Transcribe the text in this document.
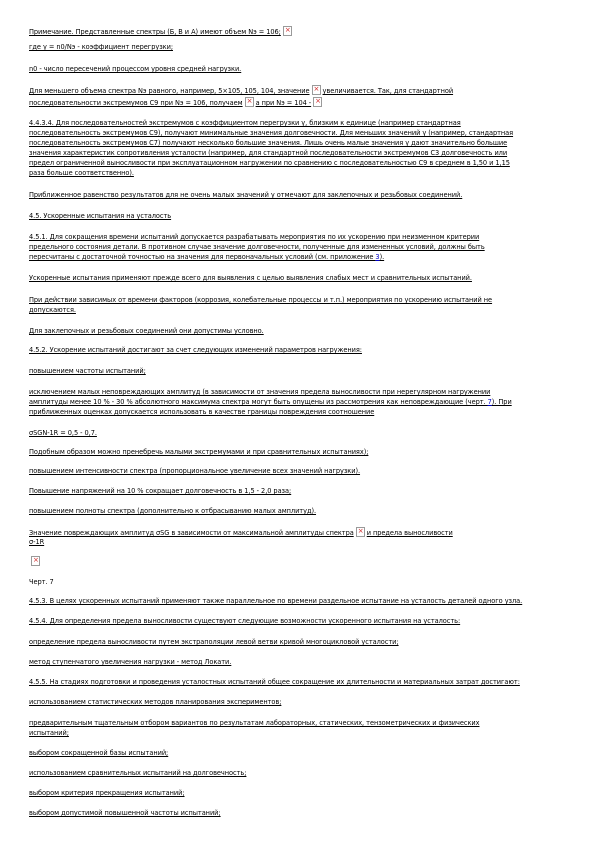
Примечание. Представленные спектры (Б, В и А) имеют объем Nэ = 106;×
где γ = n0/Nэ - коэффициент перегрузки;
n0 - число пересечений процессом уровня средней нагрузки.
Для меньшего объема спектра Nэ равного, например, 5×105, 105, 104, значение × увеличивается. Так, для стандартной
последовательности экстремумов С9 при Nэ = 106, получаем × а при Nэ = 104 -×
4.4.3.4. Для последовательностей экстремумов с коэффициентом перегрузки γ, близким к единице (например стандартная
последовательность экстремумов С9), получают минимальные значения долговечности. Для меньших значений γ (например, стандартная
последовательность экстремумов С7) получают несколько большие значения. Лишь очень малые значения γ дают значительно большие
значения характеристик сопротивления усталости (например, для стандартной последовательности экстремумов С3 долговечность или
предел ограниченной выносливости при эксплуатационном нагружении по сравнению с последовательностью С9 в среднем в 1,50 и 1,15
раза больше соответственно).
Приближенное равенство результатов для не очень малых значений γ отмечают для заклепочных и резьбовых соединений.
4.5. Ускоренные испытания на усталость
4.5.1. Для сокращения времени испытаний допускается разрабатывать мероприятия по их ускорению при неизменном критерии
предельного состояния детали. В противном случае значение долговечности, полученные для измененных условий, должны быть
пересчитаны с достаточной точностью на значения для первоначальных условий (см. приложение 3).
Ускоренные испытания применяют прежде всего для выявления с целью выявления слабых мест и сравнительных испытаний.
При действии зависимых от времени факторов (коррозия, колебательные процессы и т.п.) мероприятия по ускорению испытаний не
допускаются.
Для заклепочных и резьбовых соединений они допустимы условно.
4.5.2. Ускорение испытаний достигают за счет следующих изменений параметров нагружения:
повышением частоты испытаний;
исключением малых неповреждающих амплитуд (в зависимости от значения предела выносливости при нерегулярном нагружении
амплитуды менее 10 % - 30 % абсолютного максимума спектра могут быть опущены из рассмотрения как неповреждающие (черт. 7). При
приближенных оценках допускается использовать в качестве границы повреждения соотношение
σSGN-1R = 0,5 - 0,7.
Подобным образом можно пренебречь малыми экстремумами и при сравнительных испытаниях);
повышением интенсивности спектра (пропорциональное увеличение всех значений нагрузки).
Повышение напряжений на 10 % сокращает долговечность в 1,5 - 2,0 раза;
повышением полноты спектра (дополнительно к отбрасыванию малых амплитуд).
Значение повреждающих амплитуд σSG в зависимости от максимальной амплитуды спектра × и предела выносливости
σ-1R
×
Черт. 7
4.5.3. В целях ускоренных испытаний применяют также параллельное по времени раздельное испытание на усталость деталей одного узла.
4.5.4. Для определения предела выносливости существуют следующие возможности ускоренного испытания на усталость:
определение предела выносливости путем экстраполяции левой ветви кривой многоцикловой усталости;
метод ступенчатого увеличения нагрузки - метод Локати.
4.5.5. На стадиях подготовки и проведения усталостных испытаний общее сокращение их длительности и материальных затрат достигают:
использованием статистических методов планирования экспериментов;
предварительным тщательным отбором вариантов по результатам лабораторных, статических, тензометрических и физических
испытаний;
выбором сокращенной базы испытаний;
использованием сравнительных испытаний на долговечность;
выбором критерия прекращения испытаний;
выбором допустимой повышенной частоты испытаний;
